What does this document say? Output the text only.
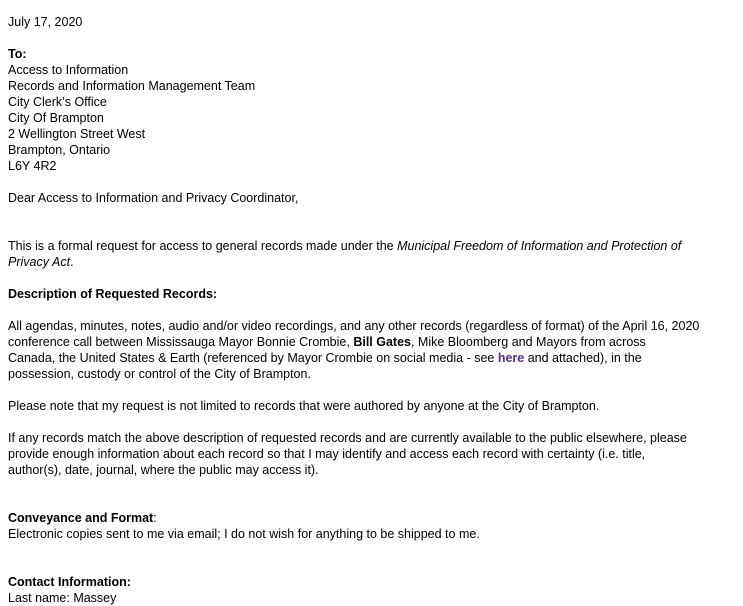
July 17, 2020
To:
Access to Information
Records and Information Management Team
City Clerk’s Office
City Of Brampton
2 Wellington Street West
Brampton, Ontario
L6Y 4R2
Dear Access to Information and Privacy Coordinator,
This is a formal request for access to general records made under the Municipal Freedom of Information and Protection of
Privacy Act.
Description of Requested Records:
All agendas, minutes, notes, audio and/or video recordings, and any other records (regardless of format) of the April 16, 2020
conference call between Mississauga Mayor Bonnie Crombie, Bill Gates, Mike Bloomberg and Mayors from across
Canada, the United States & Earth (referenced by Mayor Crombie on social media - see here and attached), in the
possession, custody or control of the City of Brampton.
Please note that my request is not limited to records that were authored by anyone at the City of Brampton.
If any records match the above description of requested records and are currently available to the public elsewhere, please
provide enough information about each record so that I may identify and access each record with certainty (i.e. title,
author(s), date, journal, where the public may access it).
Conveyance and Format:
Electronic copies sent to me via email; I do not wish for anything to be shipped to me.
Contact Information:
Last name: Massey
